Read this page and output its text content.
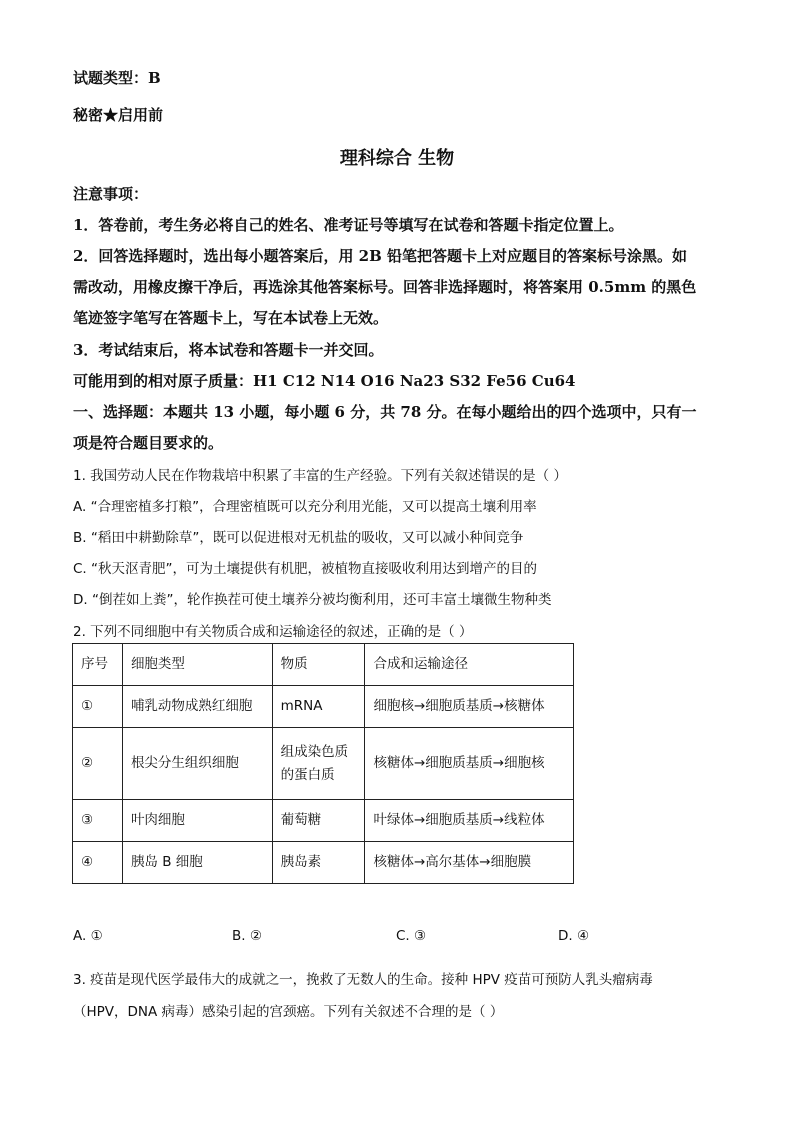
试题类型：B
秘密★启用前
理科综合 生物
注意事项：
1．答卷前，考生务必将自己的姓名、准考证号等填写在试卷和答题卡指定位置上。
2．回答选择题时，选出每小题答案后，用 2B 铅笔把答题卡上对应题目的答案标号涂黑。如
需改动，用橡皮擦干净后，再选涂其他答案标号。回答非选择题时，将答案用 0.5mm 的黑色
笔迹签字笔写在答题卡上，写在本试卷上无效。
3．考试结束后，将本试卷和答题卡一并交回。
可能用到的相对原子质量：H1 C12 N14 O16 Na23 S32 Fe56 Cu64
一、选择题：本题共 13 小题，每小题 6 分，共 78 分。在每小题给出的四个选项中，只有一
项是符合题目要求的。
1. 我国劳动人民在作物栽培中积累了丰富的生产经验。下列有关叙述错误的是（ ）
A. “合理密植多打粮”，合理密植既可以充分利用光能，又可以提高土壤利用率
B. “稻田中耕勤除草”，既可以促进根对无机盐的吸收，又可以减小种间竞争
C. “秋天沤青肥”，可为土壤提供有机肥，被植物直接吸收利用达到增产的目的
D. “倒茬如上粪”，轮作换茬可使土壤养分被均衡利用，还可丰富土壤微生物种类
2. 下列不同细胞中有关物质合成和运输途径的叙述，正确的是（ ）
序号	细胞类型	物质	合成和运输途径
①	哺乳动物成熟红细胞	mRNA	细胞核→细胞质基质→核糖体
②	根尖分生组织细胞	组成染色质的蛋白质	核糖体→细胞质基质→细胞核
③	叶肉细胞	葡萄糖	叶绿体→细胞质基质→线粒体
④	胰岛 B 细胞	胰岛素	核糖体→高尔基体→细胞膜
A. ①	B. ②	C. ③	D. ④
3. 疫苗是现代医学最伟大的成就之一，挽救了无数人的生命。接种 HPV 疫苗可预防人乳头瘤病毒
（HPV，DNA 病毒）感染引起的宫颈癌。下列有关叙述不合理的是（ ）
